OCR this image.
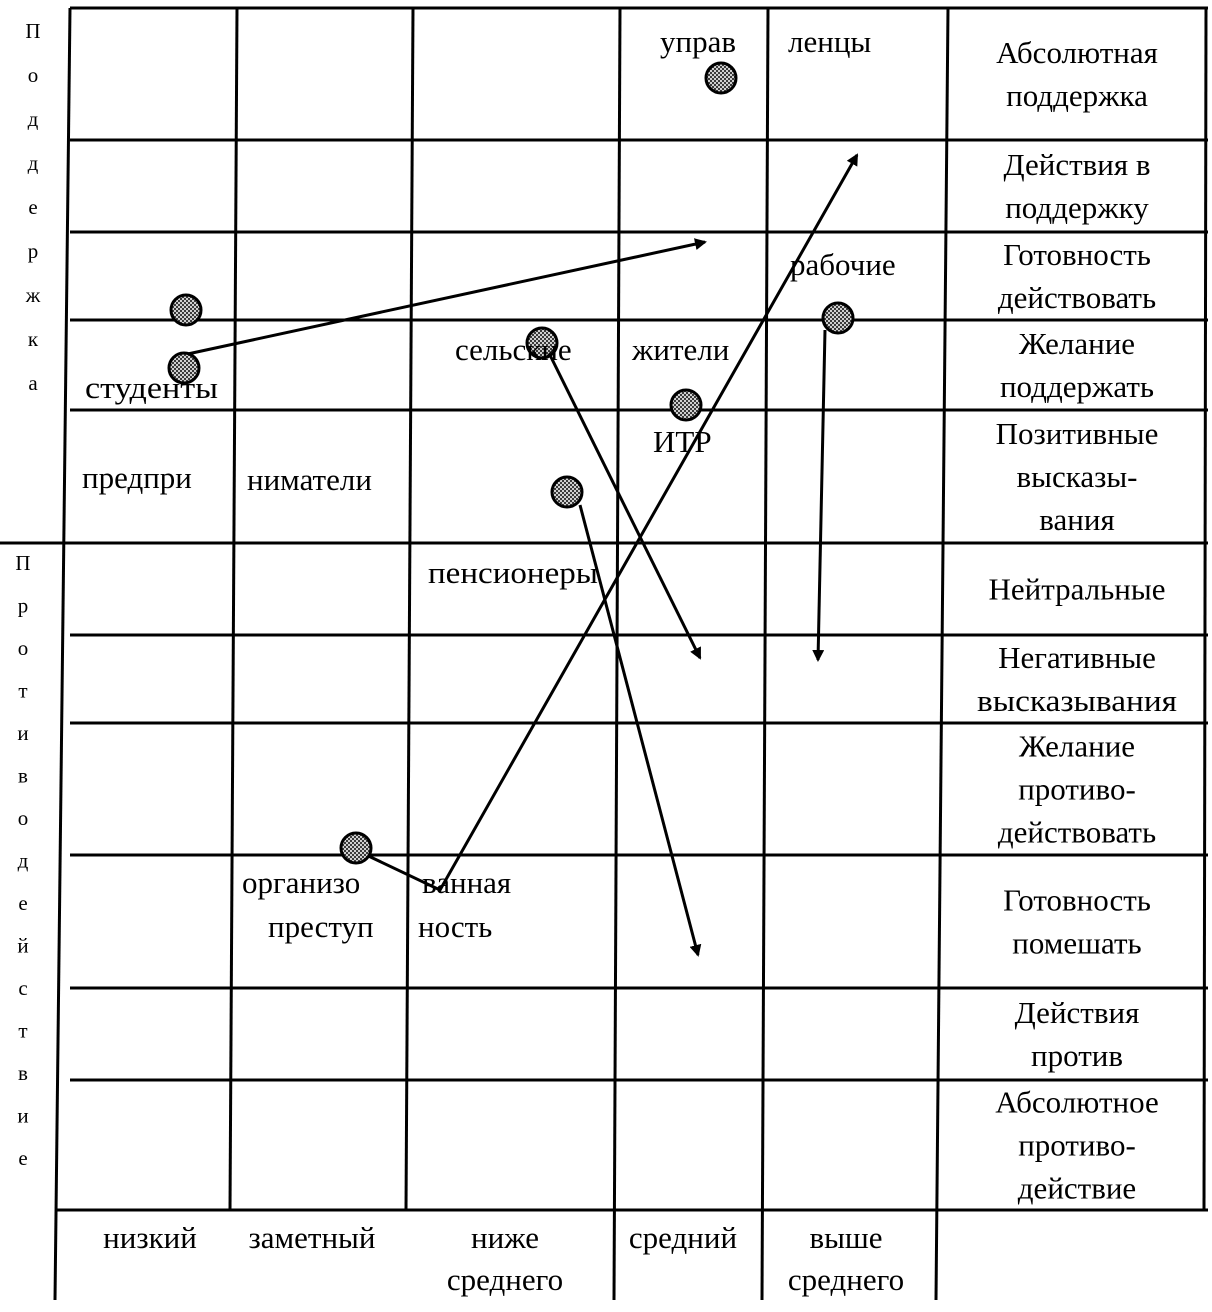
П
о
д
д
е
р
ж
к
а
П
р
о
т
и
в
о
д
е
й
с
т
в
и
е
Абсолютная
поддержка
Действия в
поддержку
Готовность
действовать
Желание
поддержать
Позитивные
высказы-
вания
Нейтральные
Негативные
высказывания
Желание
противо-
действовать
Готовность
помешать
Действия
против
Абсолютное
противо-
действие
низкий заметный	ниже
среднего
средний выше
среднего
управ ленцы
рабочие
сельские жители
студенты
ИТР
предпри ниматели
пенсионеры
организо ванная
преступ ность
